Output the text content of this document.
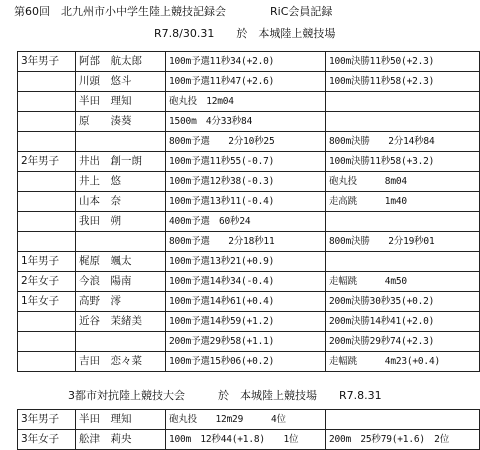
第60回　北九州市小中学生陸上競技記録会　　　　RiC会員記録
R7.8/30.31　　於　本城陸上競技場
3年男子	阿部　航太郎	100m予選11秒34(+2.0)	100m決勝11秒50(+2.3)
	川頭　悠斗	100m予選11秒47(+2.6)	100m決勝11秒58(+2.3)
	半田　理知	砲丸投　12m04	
	原　　湊葵	1500m　4分33秒84	
		800m予選　　2分10秒25	800m決勝　　2分14秒84
2年男子	井出　創一朗	100m予選11秒55(-0.7)	100m決勝11秒58(+3.2)
	井上　悠	100m予選12秒38(-0.3)	砲丸投　　　8m04
	山本　奈	100m予選13秒11(-0.4)	走高跳　　　1m40
	我田　朔	400m予選　60秒24	
		800m予選　　2分18秒11	800m決勝　　2分19秒01
1年男子	梶原　颯太	100m予選13秒21(+0.9)	
2年女子	今浪　陽南	100m予選14秒34(-0.4)	走幅跳　　　4m50
1年女子	高野　澪	100m予選14秒61(+0.4)	200m決勝30秒35(+0.2)
	近谷　茉緒美	100m予選14秒59(+1.2)	200m決勝14秒41(+2.0)
		200m予選29秒58(+1.1)	200m決勝29秒74(+2.3)
	吉田　恋々菜	100m予選15秒06(+0.2)	走幅跳　　　4m23(+0.4)
3都市対抗陸上競技大会　　　於　本城陸上競技場　　R7.8.31
3年男子	半田　理知	砲丸投　　12m29　　　4位	
3年女子	舩津　莉央	100m　12秒44(+1.8)　　1位	200m　25秒79(+1.6)　2位
